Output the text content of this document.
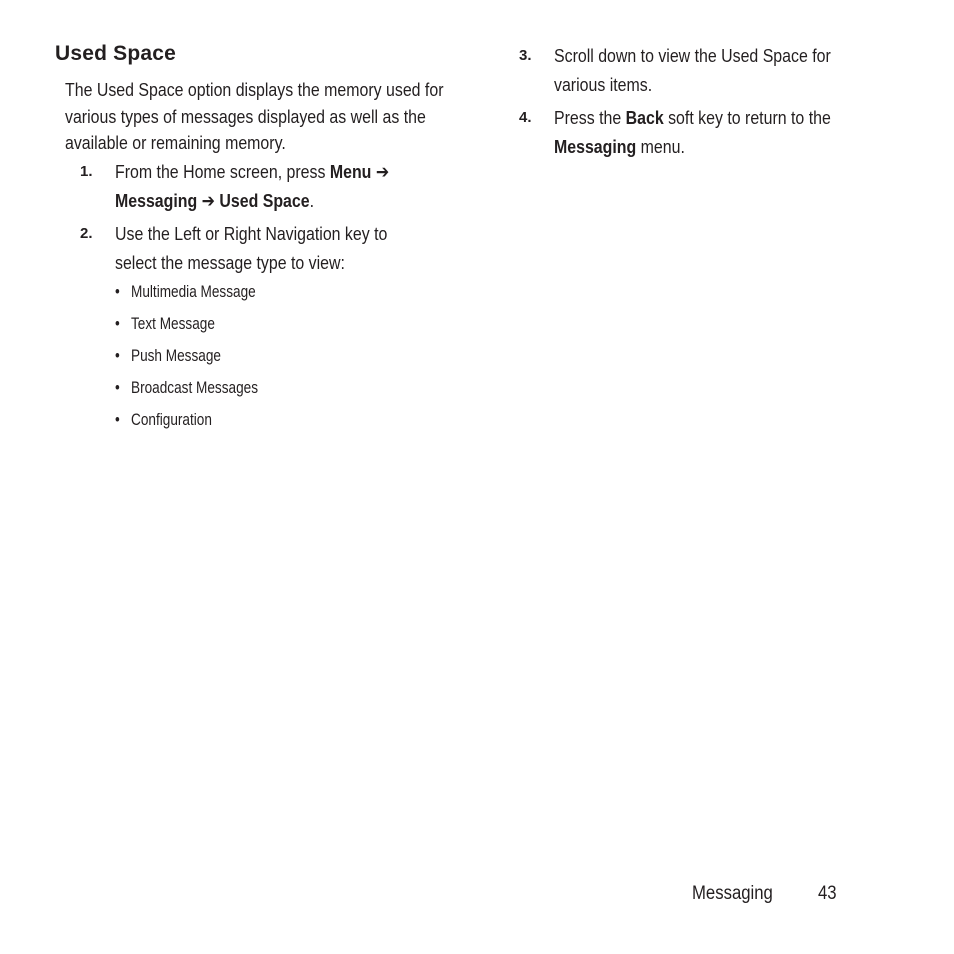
Used Space
The Used Space option displays the memory used for various types of messages displayed as well as the available or remaining memory.
1. From the Home screen, press Menu ➔
Messaging ➔ Used Space.
2. Use the Left or Right Navigation key to select the message type to view:
• Multimedia Message
• Text Message
• Push Message
• Broadcast Messages
• Configuration
3. Scroll down to view the Used Space for various items.
4. Press the Back soft key to return to the
Messaging menu.
Messaging 43
